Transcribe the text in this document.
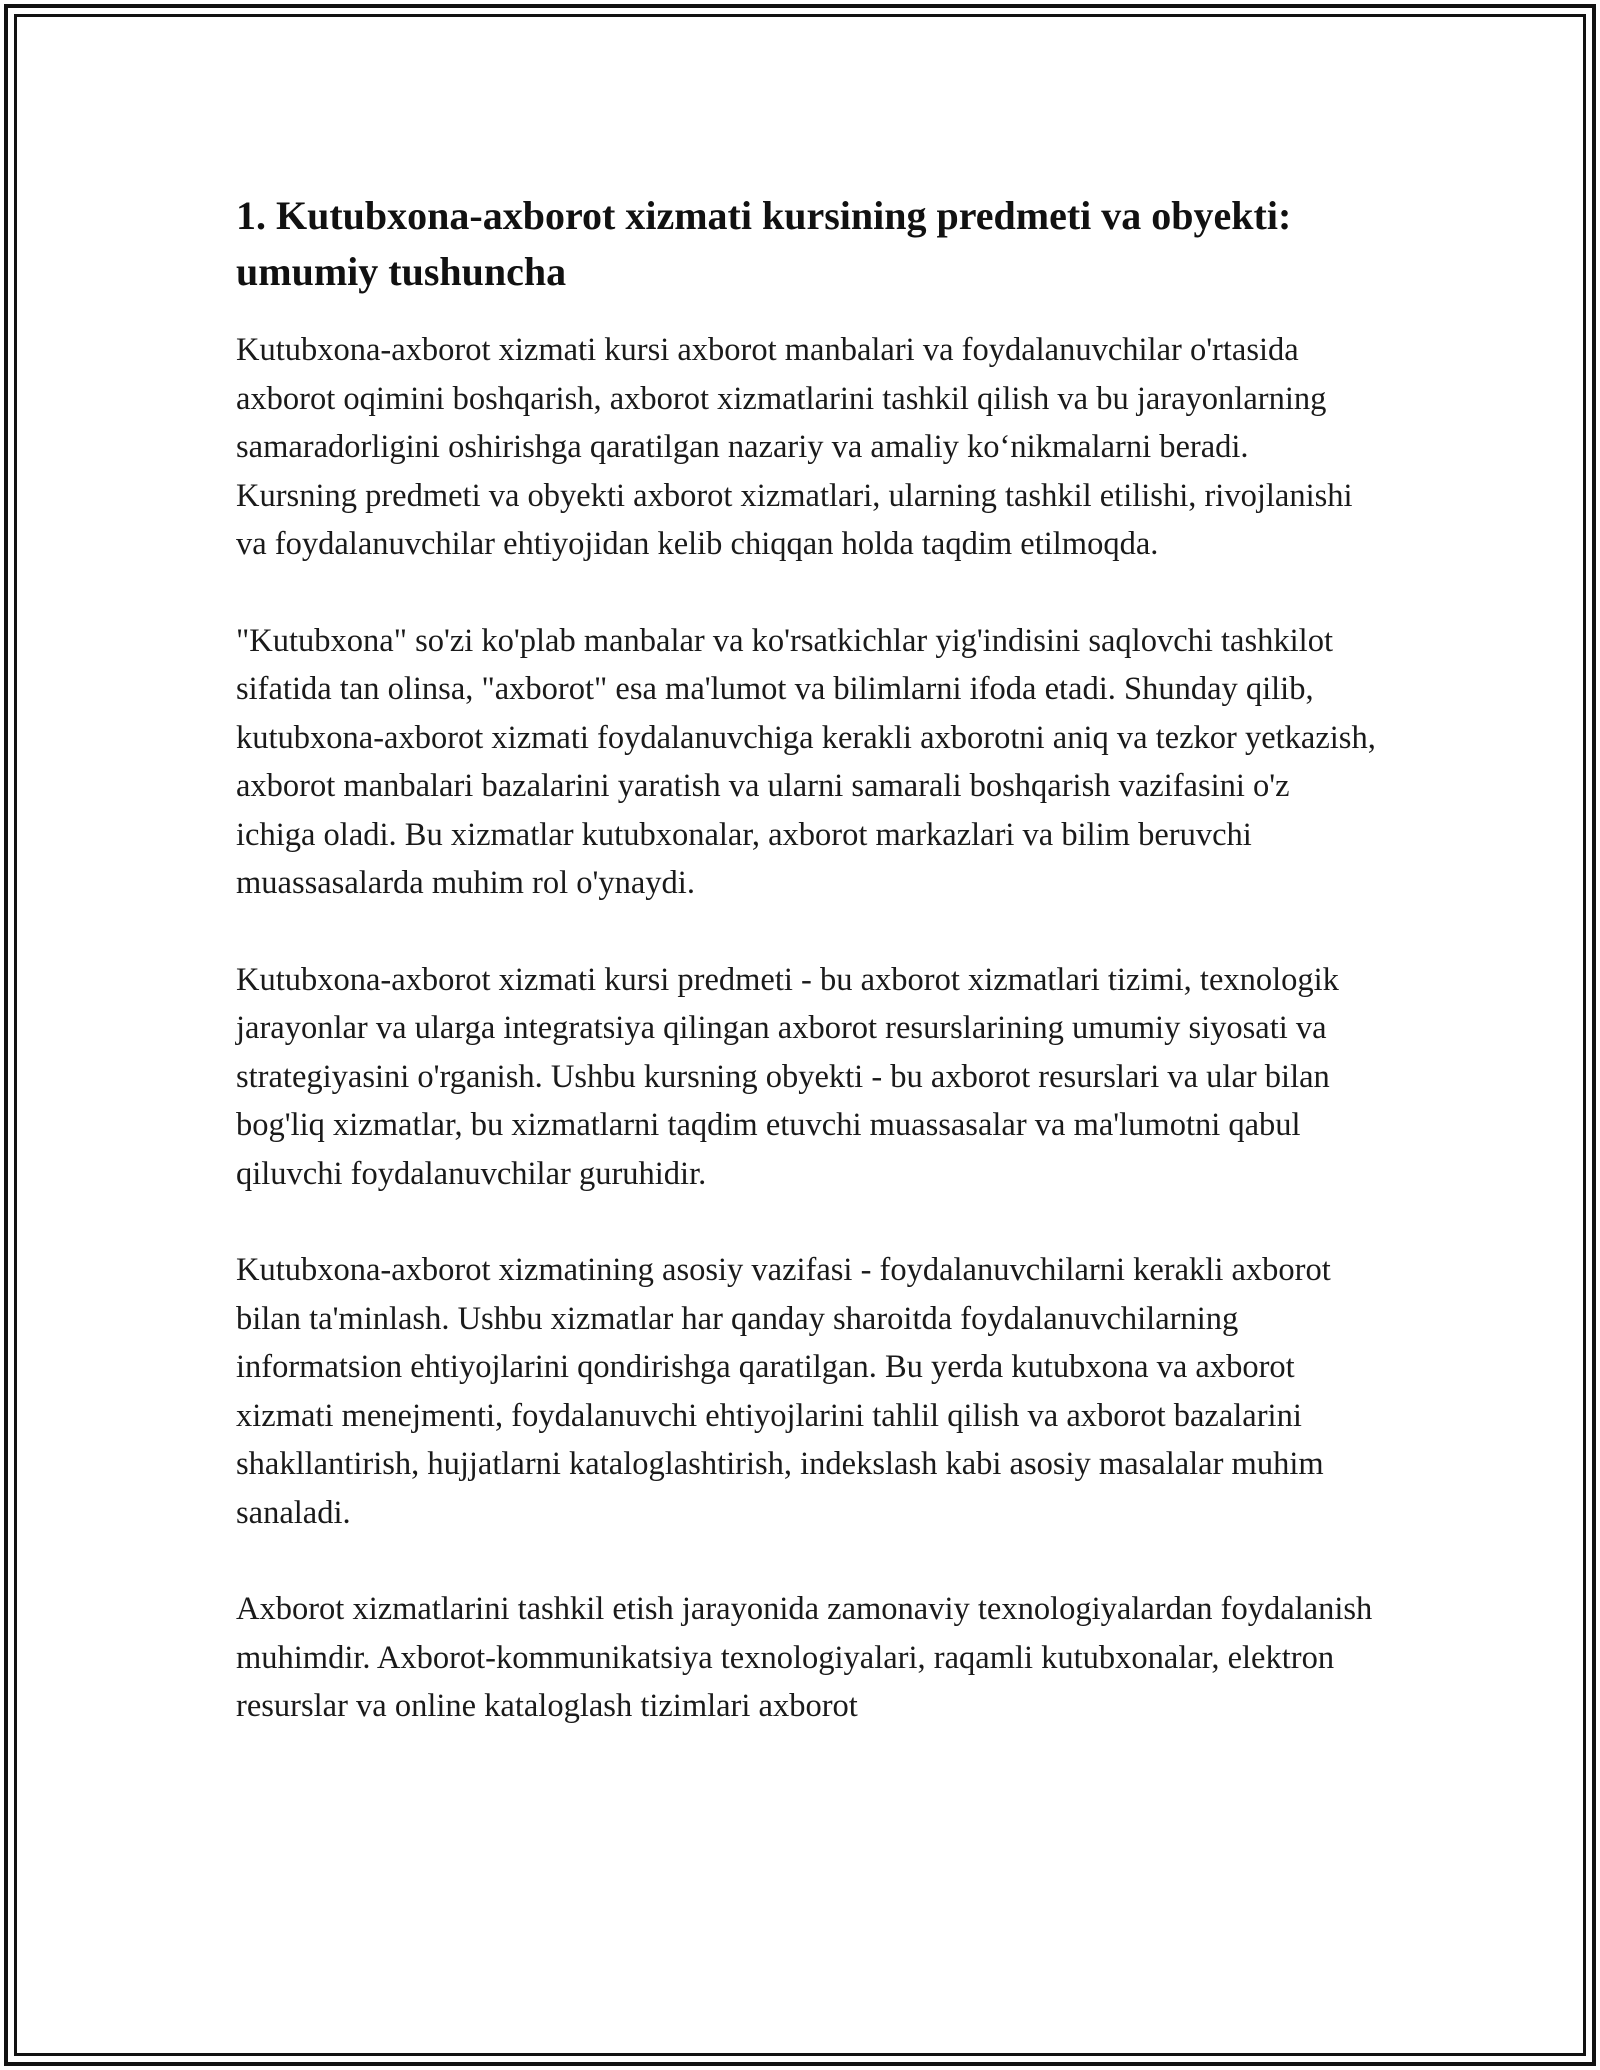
1. Kutubxona-axborot xizmati kursining predmeti va obyekti: umumiy tushuncha

Kutubxona-axborot xizmati kursi axborot manbalari va foydalanuvchilar o'rtasida axborot oqimini boshqarish, axborot xizmatlarini tashkil qilish va bu jarayonlarning samaradorligini oshirishga qaratilgan nazariy va amaliy ko‘nikmalarni beradi. Kursning predmeti va obyekti axborot xizmatlari, ularning tashkil etilishi, rivojlanishi va foydalanuvchilar ehtiyojidan kelib chiqqan holda taqdim etilmoqda.

"Kutubxona" so'zi ko'plab manbalar va ko'rsatkichlar yig'indisini saqlovchi tashkilot sifatida tan olinsa, "axborot" esa ma'lumot va bilimlarni ifoda etadi. Shunday qilib, kutubxona-axborot xizmati foydalanuvchiga kerakli axborotni aniq va tezkor yetkazish, axborot manbalari bazalarini yaratish va ularni samarali boshqarish vazifasini o'z ichiga oladi. Bu xizmatlar kutubxonalar, axborot markazlari va bilim beruvchi muassasalarda muhim rol o'ynaydi.

Kutubxona-axborot xizmati kursi predmeti - bu axborot xizmatlari tizimi, texnologik jarayonlar va ularga integratsiya qilingan axborot resurslarining umumiy siyosati va strategiyasini o'rganish. Ushbu kursning obyekti - bu axborot resurslari va ular bilan bog'liq xizmatlar, bu xizmatlarni taqdim etuvchi muassasalar va ma'lumotni qabul qiluvchi foydalanuvchilar guruhidir.

Kutubxona-axborot xizmatining asosiy vazifasi - foydalanuvchilarni kerakli axborot bilan ta'minlash. Ushbu xizmatlar har qanday sharoitda foydalanuvchilarning informatsion ehtiyojlarini qondirishga qaratilgan. Bu yerda kutubxona va axborot xizmati menejmenti, foydalanuvchi ehtiyojlarini tahlil qilish va axborot bazalarini shakllantirish, hujjatlarni kataloglashtirish, indekslash kabi asosiy masalalar muhim sanaladi.

Axborot xizmatlarini tashkil etish jarayonida zamonaviy texnologiyalardan foydalanish muhimdir. Axborot-kommunikatsiya texnologiyalari, raqamli kutubxonalar, elektron resurslar va online kataloglash tizimlari axborot
